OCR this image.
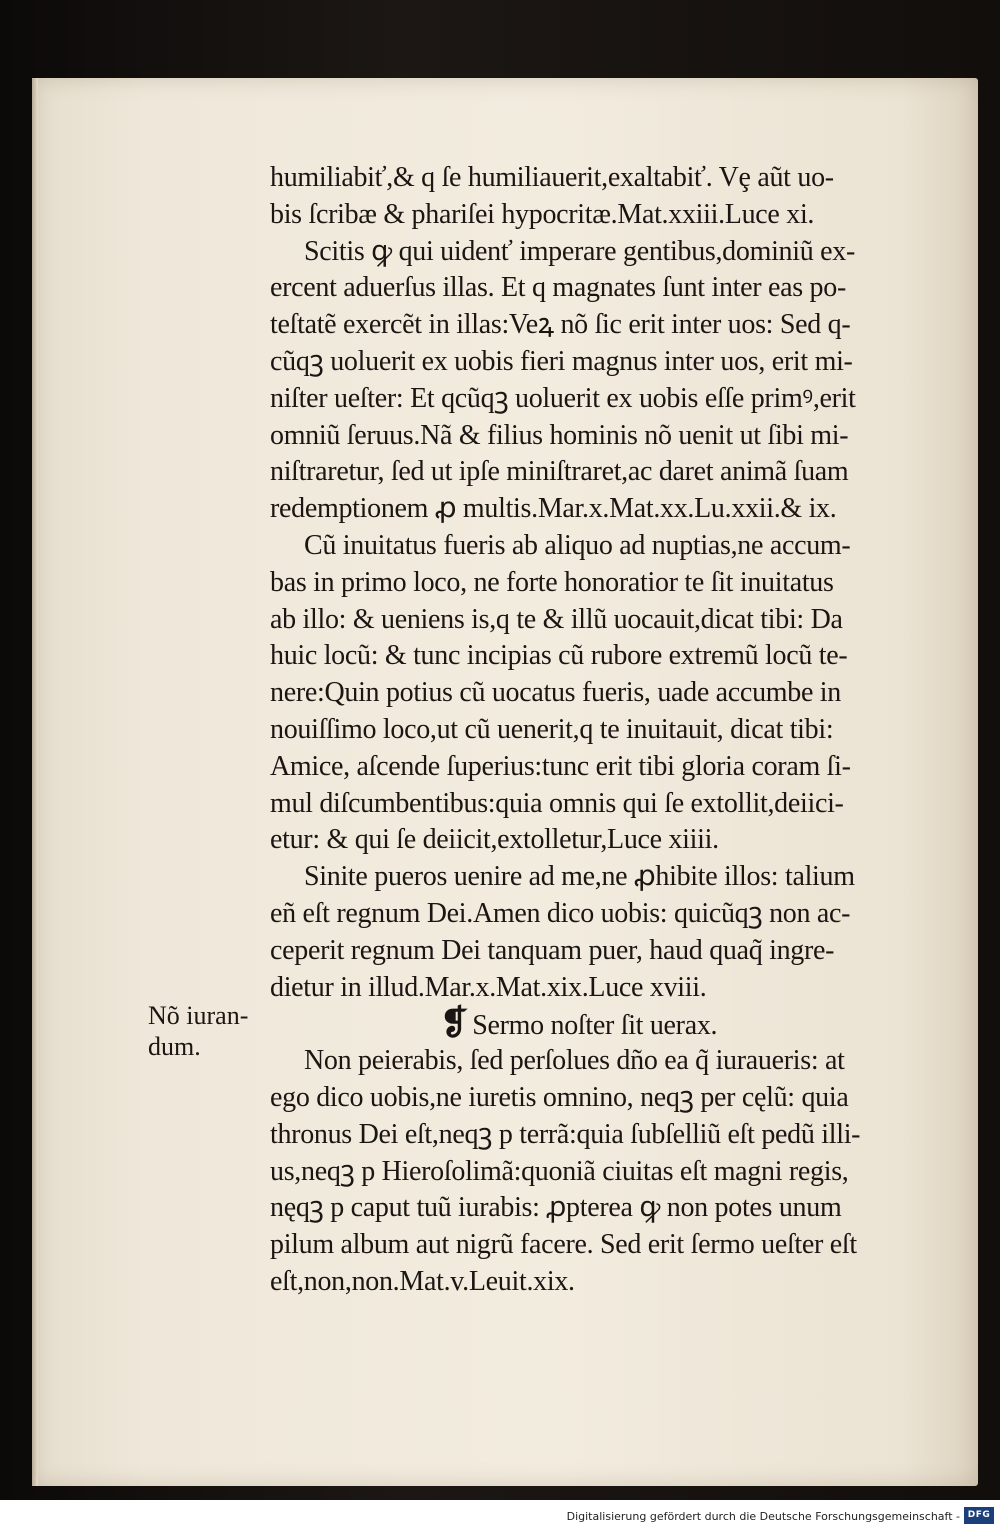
humiliabiť,& q ſe humiliauerit,exaltabiť. Vȩ aũt uo-
bis ſcribæ & phariſei hypocritæ.Mat.xxiii.Luce xi.
Scitis ꝙ qui uidenť imperare gentibus,dominiũ ex-
ercent aduerſus illas. Et q magnates ſunt inter eas po-
teſtatẽ exercẽt in illas:Veꝝ nõ ſic erit inter uos: Sed q-
cũqꝫ uoluerit ex uobis fieri magnus inter uos, erit mi-
niſter ueſter: Et qcũqꝫ uoluerit ex uobis eſſe primꝰ,erit
omniũ ſeruus.Nã & filius hominis nõ uenit ut ſibi mi-
niſtraretur, ſed ut ipſe miniſtraret,ac daret animã ſuam
redemptionem ꝓ multis.Mar.x.Mat.xx.Lu.xxii.& ix.
Cũ inuitatus fueris ab aliquo ad nuptias,ne accum-
bas in primo loco, ne forte honoratior te ſit inuitatus
ab illo: & ueniens is,q te & illũ uocauit,dicat tibi: Da
huic locũ: & tunc incipias cũ rubore extremũ locũ te-
nere:Quin potius cũ uocatus fueris, uade accumbe in
nouiſſimo loco,ut cũ uenerit,q te inuitauit, dicat tibi:
Amice, aſcende ſuperius:tunc erit tibi gloria coram ſi-
mul diſcumbentibus:quia omnis qui ſe extollit,deiici-
etur: & qui ſe deiicit,extolletur,Luce xiiii.
Sinite pueros uenire ad me,ne ꝓhibite illos: talium
eñ eſt regnum Dei.Amen dico uobis: quicũqꝫ non ac-
ceperit regnum Dei tanquam puer, haud quaq̃ ingre-
dietur in illud.Mar.x.Mat.xix.Luce xviii.
❡ Sermo noſter ſit uerax.
Non peierabis, ſed perſolues dño ea q̃ iuraueris: at
ego dico uobis,ne iuretis omnino, neqꝫ per cęlũ: quia
thronus Dei eſt,neqꝫ p terrã:quia ſubſelliũ eſt pedũ illi-
us,neqꝫ p Hieroſolimã:quoniã ciuitas eſt magni regis,
nęqꝫ p caput tuũ iurabis: ꝓpterea ꝙ non potes unum
pilum album aut nigrũ facere. Sed erit ſermo ueſter eſt
eſt,non,non.Mat.v.Leuit.xix.
Nõ iuran-
dum.
Digitalisierung gefördert durch die Deutsche Forschungsgemeinschaft - DFG
